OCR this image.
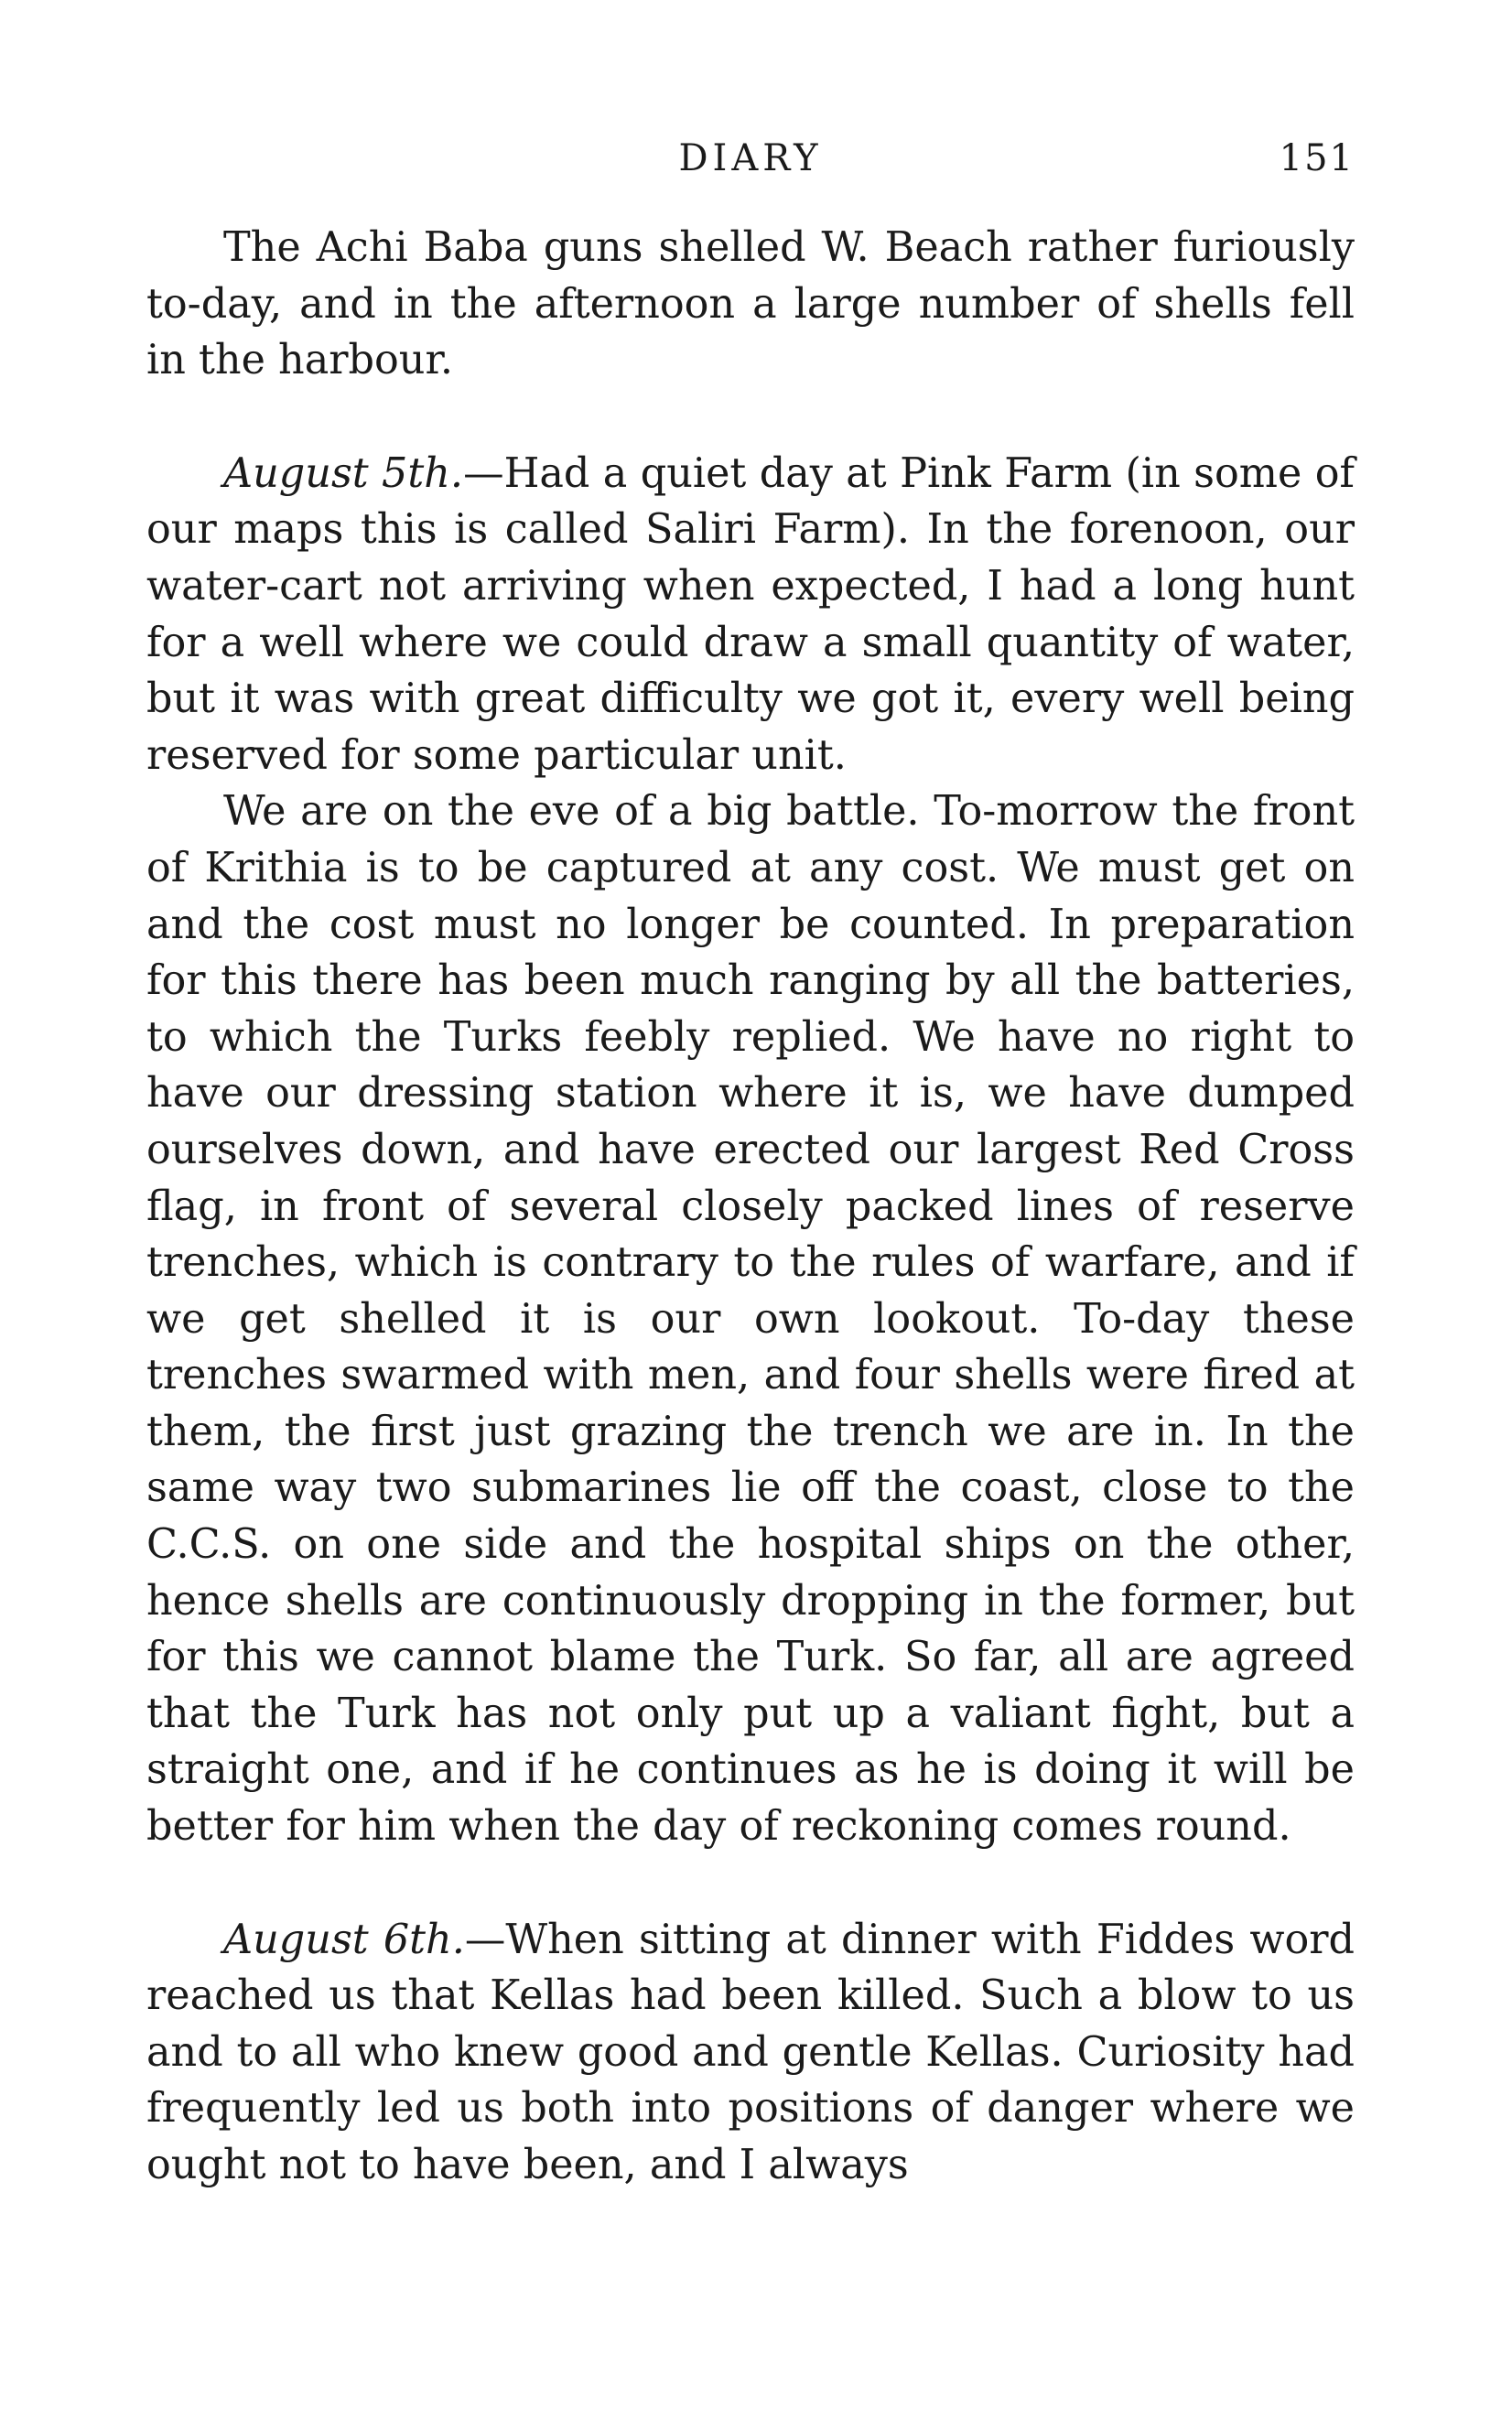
DIARY	151

The Achi Baba guns shelled W. Beach rather furiously to-day, and in the afternoon a large number of shells fell in the harbour.

August 5th.—Had a quiet day at Pink Farm (in some of our maps this is called Saliri Farm). In the forenoon, our water-cart not arriving when expected, I had a long hunt for a well where we could draw a small quantity of water, but it was with great difficulty we got it, every well being reserved for some particular unit.

We are on the eve of a big battle. To-morrow the front of Krithia is to be captured at any cost. We must get on and the cost must no longer be counted. In preparation for this there has been much ranging by all the batteries, to which the Turks feebly replied. We have no right to have our dressing station where it is, we have dumped ourselves down, and have erected our largest Red Cross flag, in front of several closely packed lines of reserve trenches, which is contrary to the rules of warfare, and if we get shelled it is our own lookout. To-day these trenches swarmed with men, and four shells were fired at them, the first just grazing the trench we are in. In the same way two submarines lie off the coast, close to the C.C.S. on one side and the hospital ships on the other, hence shells are continuously dropping in the former, but for this we cannot blame the Turk. So far, all are agreed that the Turk has not only put up a valiant fight, but a straight one, and if he continues as he is doing it will be better for him when the day of reckoning comes round.

August 6th.—When sitting at dinner with Fiddes word reached us that Kellas had been killed. Such a blow to us and to all who knew good and gentle Kellas. Curiosity had frequently led us both into positions of danger where we ought not to have been, and I always
